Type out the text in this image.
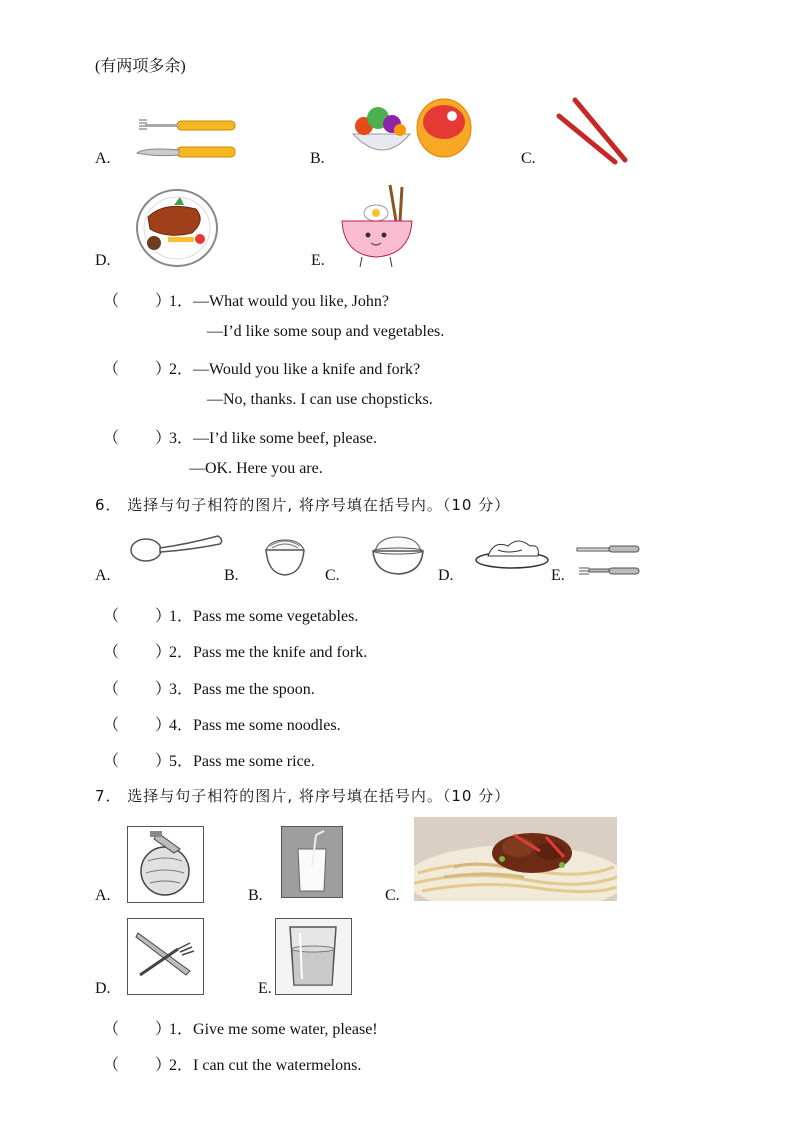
(有两项多余)
A.	B.	C.
D.	E.
（ ）1．—What would you like, John?
—I’d like some soup and vegetables.
（ ）2．—Would you like a knife and fork?
—No, thanks. I can use chopsticks.
（ ）3．—I’d like some beef, please.
—OK. Here you are.
6． 选择与句子相符的图片, 将序号填在括号内。（10 分）
A.	B.	C.	D.	E.
（ ）1．Pass me some vegetables.
（ ）2．Pass me the knife and fork.
（ ）3．Pass me the spoon.
（ ）4．Pass me some noodles.
（ ）5．Pass me some rice.
7． 选择与句子相符的图片, 将序号填在括号内。（10 分）
A.	B.	C.
D.	E.
（ ）1．Give me some water, please!
（ ）2．I can cut the watermelons.
